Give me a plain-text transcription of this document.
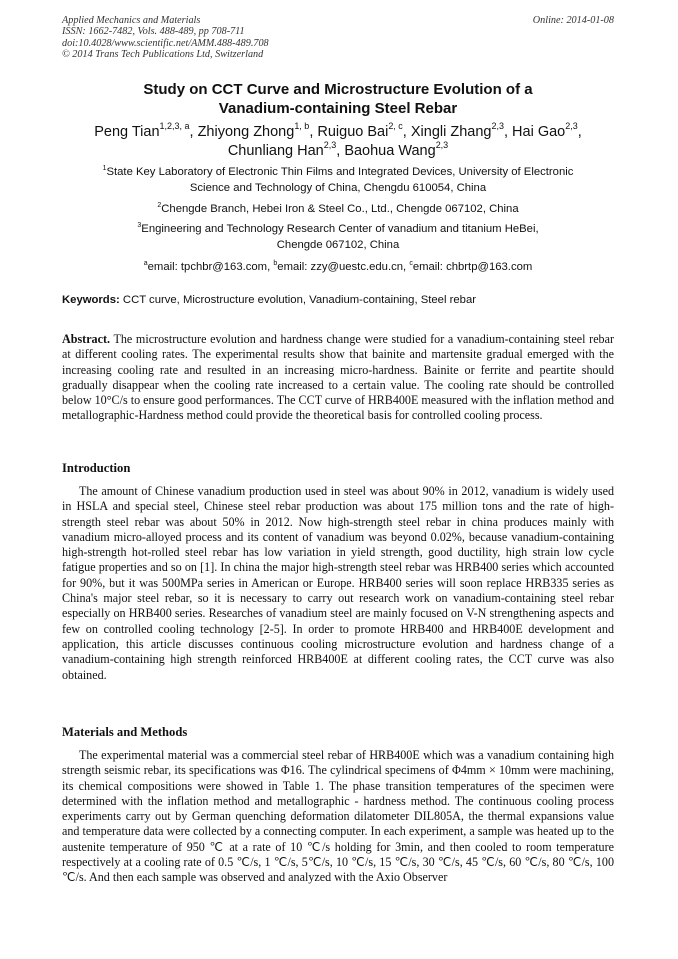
Applied Mechanics and Materials
ISSN: 1662-7482, Vols. 488-489, pp 708-711
doi:10.4028/www.scientific.net/AMM.488-489.708
© 2014 Trans Tech Publications Ltd, Switzerland
Online: 2014-01-08
Study on CCT Curve and Microstructure Evolution of a
Vanadium-containing Steel Rebar
Peng Tian$^{1,2,3, a}$, Zhiyong Zhong$^{1, b}$, Ruiguo Bai$^{2, c}$, Xingli Zhang$^{2,3}$, Hai Gao$^{2,3}$,
Chunliang Han$^{2,3}$, Baohua Wang$^{2,3}$
$^1$State Key Laboratory of Electronic Thin Films and Integrated Devices, University of Electronic
Science and Technology of China, Chengdu 610054, China
$^2$Chengde Branch, Hebei Iron & Steel Co., Ltd., Chengde 067102, China
$^3$Engineering and Technology Research Center of vanadium and titanium HeBei,
Chengde 067102, China
$^a$email: tpchbr@163.com, $^b$email: zzy@uestc.edu.cn, $^c$email: chbrtp@163.com
Keywords: CCT curve, Microstructure evolution, Vanadium-containing, Steel rebar
Abstract. The microstructure evolution and hardness change were studied for a vanadium-containing steel rebar at different cooling rates. The experimental results show that bainite and martensite gradual emerged with the increasing cooling rate and resulted in an increasing micro-hardness. Bainite or ferrite and peartite should gradually disappear when the cooling rate increased to a certain value. The cooling rate should be controlled below 10°C/s to ensure good performances. The CCT curve of HRB400E measured with the inflation method and metallographic-Hardness method could provide the theoretical basis for controlled cooling process.
Introduction
The amount of Chinese vanadium production used in steel was about 90% in 2012, vanadium is widely used in HSLA and special steel, Chinese steel rebar production was about 175 million tons and the rate of high-strength steel rebar was about 50% in 2012. Now high-strength steel rebar in china produces mainly with vanadium micro-alloyed process and its content of vanadium was beyond 0.02%, because vanadium-containing high-strength hot-rolled steel rebar has low variation in yield strength, good ductility, high strain low cycle fatigue properties and so on [1]. In china the major high-strength steel rebar was HRB400 series which accounted for 90%, but it was 500MPa series in American or Europe. HRB400 series will soon replace HRB335 series as China's major steel rebar, so it is necessary to carry out research work on vanadium-containing steel rebar especially on HRB400 series. Researches of vanadium steel are mainly focused on V-N strengthening aspects and few on controlled cooling technology [2-5]. In order to promote HRB400 and HRB400E development and application, this article discusses continuous cooling microstructure evolution and hardness change of a vanadium-containing high strength reinforced HRB400E at different cooling rates, the CCT curve was also obtained.
Materials and Methods
The experimental material was a commercial steel rebar of HRB400E which was a vanadium containing high strength seismic rebar, its specifications was Φ16. The cylindrical specimens of Φ4mm × 10mm were machining, its chemical compositions were showed in Table 1. The phase transition temperatures of the specimen were determined with the inflation method and metallographic - hardness method. The continuous cooling process experiments carry out by German quenching deformation dilatometer DIL805A, the thermal expansions value and temperature data were collected by a connecting computer. In each experiment, a sample was heated up to the austenite temperature of 950 ℃ at a rate of 10 ℃/s holding for 3min, and then cooled to room temperature respectively at a cooling rate of 0.5 ℃/s, 1 ℃/s, 5℃/s, 10 ℃/s, 15 ℃/s, 30 ℃/s, 45 ℃/s, 60 ℃/s, 80 ℃/s, 100 ℃/s. And then each sample was observed and analyzed with the Axio Observer
